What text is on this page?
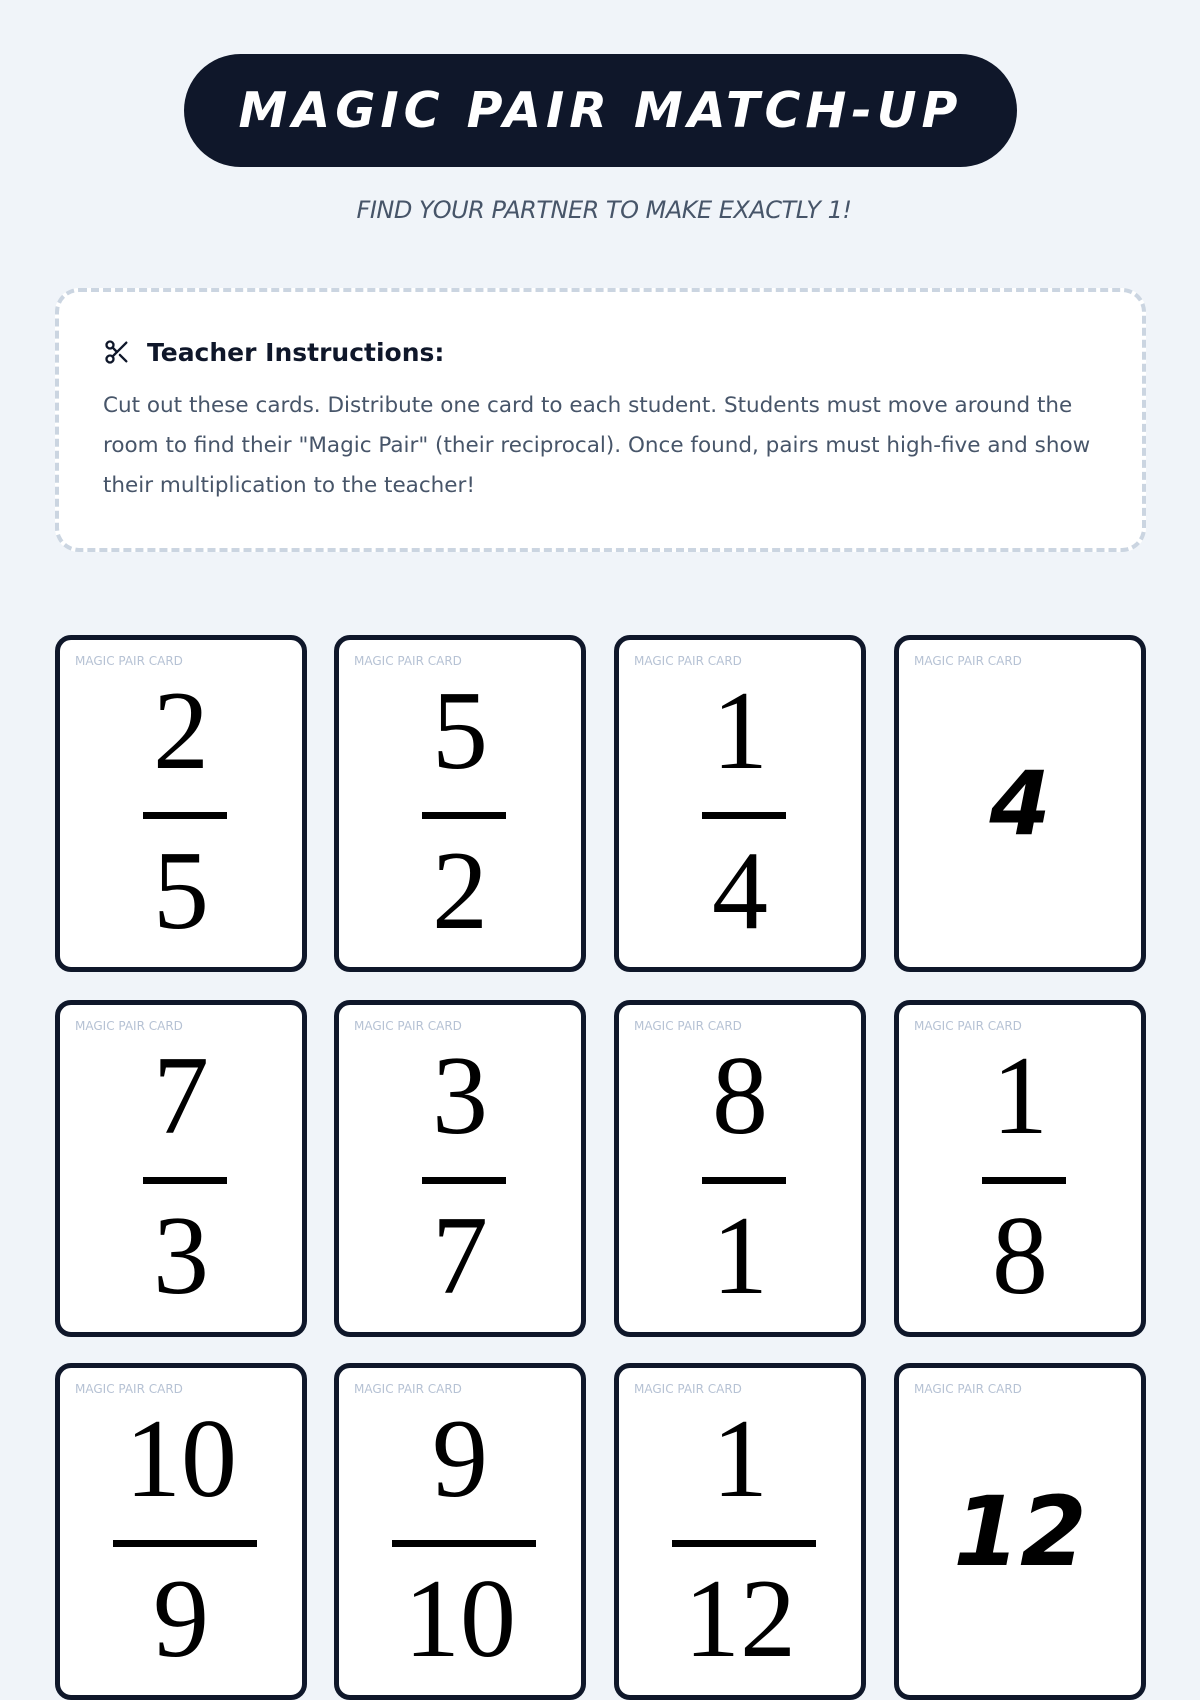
MAGIC PAIR MATCH-UP
FIND YOUR PARTNER TO MAKE EXACTLY 1!
Teacher Instructions:
Cut out these cards. Distribute one card to each student. Students must move around the room to find their "Magic Pair" (their reciprocal). Once found, pairs must high-five and show their multiplication to the teacher!
MAGIC PAIR CARD
2
5
MAGIC PAIR CARD
5
2
MAGIC PAIR CARD
1
4
MAGIC PAIR CARD
4
MAGIC PAIR CARD
7
3
MAGIC PAIR CARD
3
7
MAGIC PAIR CARD
8
1
MAGIC PAIR CARD
1
8
MAGIC PAIR CARD
10
9
MAGIC PAIR CARD
9
10
MAGIC PAIR CARD
1
12
MAGIC PAIR CARD
12
